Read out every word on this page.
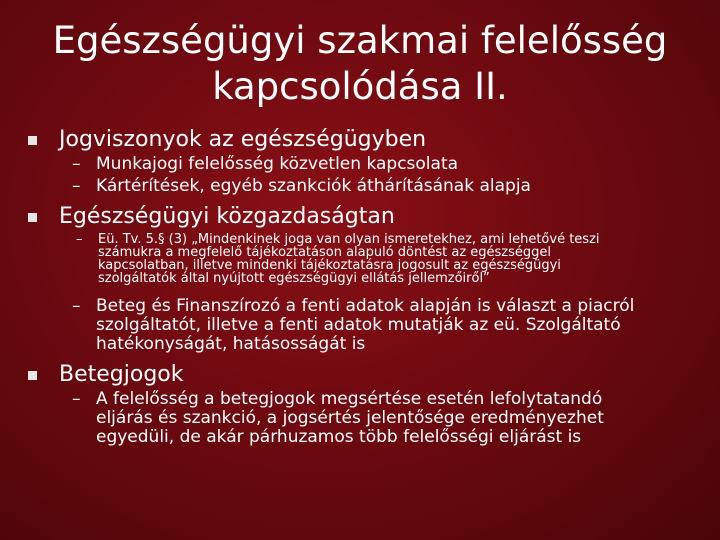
Egészségügyi szakmai felelősség
kapcsolódása II.
Jogviszonyok az egészségügyben
– Munkajogi felelősség közvetlen kapcsolata
– Kártérítések, egyéb szankciók áthárításának alapja
Egészségügyi közgazdaságtan
–	Eü. Tv. 5.§ (3) „Mindenkinek joga van olyan ismeretekhez, ami lehetővé teszi
számukra a megfelelő tájékoztatáson alapuló döntést az egészséggel
kapcsolatban, illetve mindenki tájékoztatásra jogosult az egészségügyi
szolgáltatók által nyújtott egészségügyi ellátás jellemzőiről”
– Beteg és Finanszírozó a fenti adatok alapján is választ a piacról
szolgáltatót, illetve a fenti adatok mutatják az eü. Szolgáltató
hatékonyságát, hatásosságát is
Betegjogok
– A felelősség a betegjogok megsértése esetén lefolytatandó
eljárás és szankció, a jogsértés jelentősége eredményezhet
egyedüli, de akár párhuzamos több felelősségi eljárást is
